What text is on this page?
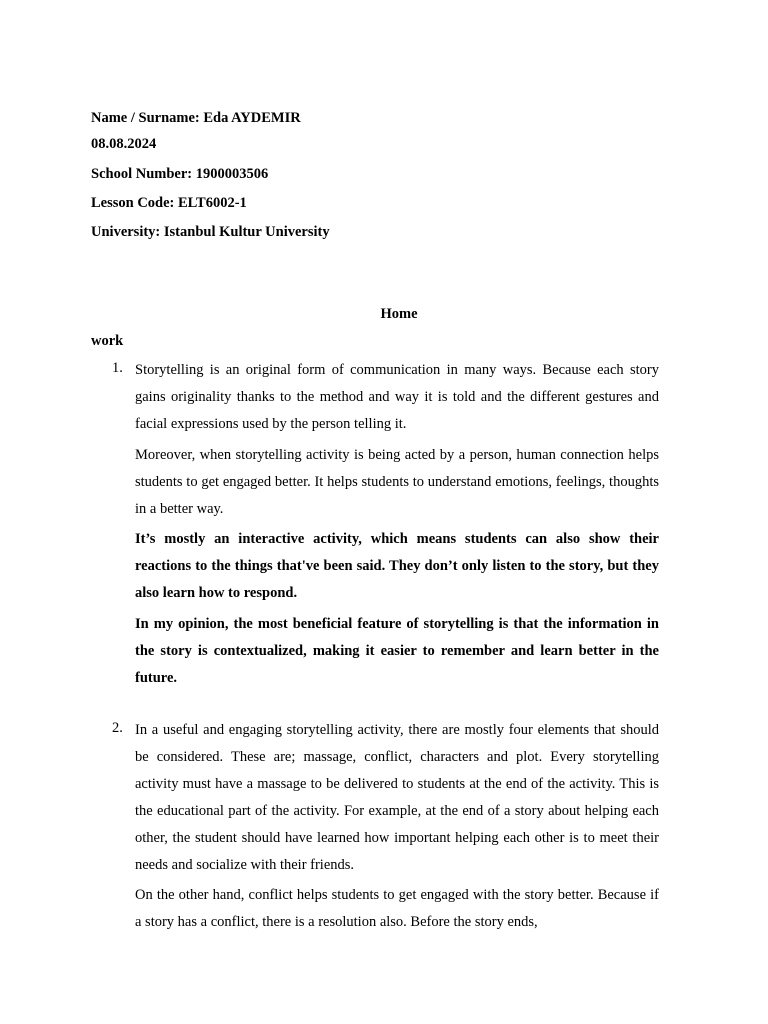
Name / Surname: Eda AYDEMIR
08.08.2024
School Number: 1900003506
Lesson Code: ELT6002-1
University: Istanbul Kultur University
Home
work
1. Storytelling is an original form of communication in many ways. Because each story gains originality thanks to the method and way it is told and the different gestures and facial expressions used by the person telling it.

Moreover, when storytelling activity is being acted by a person, human connection helps students to get engaged better. It helps students to understand emotions, feelings, thoughts in a better way.

It’s mostly an interactive activity, which means students can also show their reactions to the things that've been said. They don’t only listen to the story, but they also learn how to respond.

In my opinion, the most beneficial feature of storytelling is that the information in the story is contextualized, making it easier to remember and learn better in the future.

2. In a useful and engaging storytelling activity, there are mostly four elements that should be considered. These are; massage, conflict, characters and plot. Every storytelling activity must have a massage to be delivered to students at the end of the activity. This is the educational part of the activity. For example, at the end of a story about helping each other, the student should have learned how important helping each other is to meet their needs and socialize with their friends.

On the other hand, conflict helps students to get engaged with the story better. Because if a story has a conflict, there is a resolution also. Before the story ends,
